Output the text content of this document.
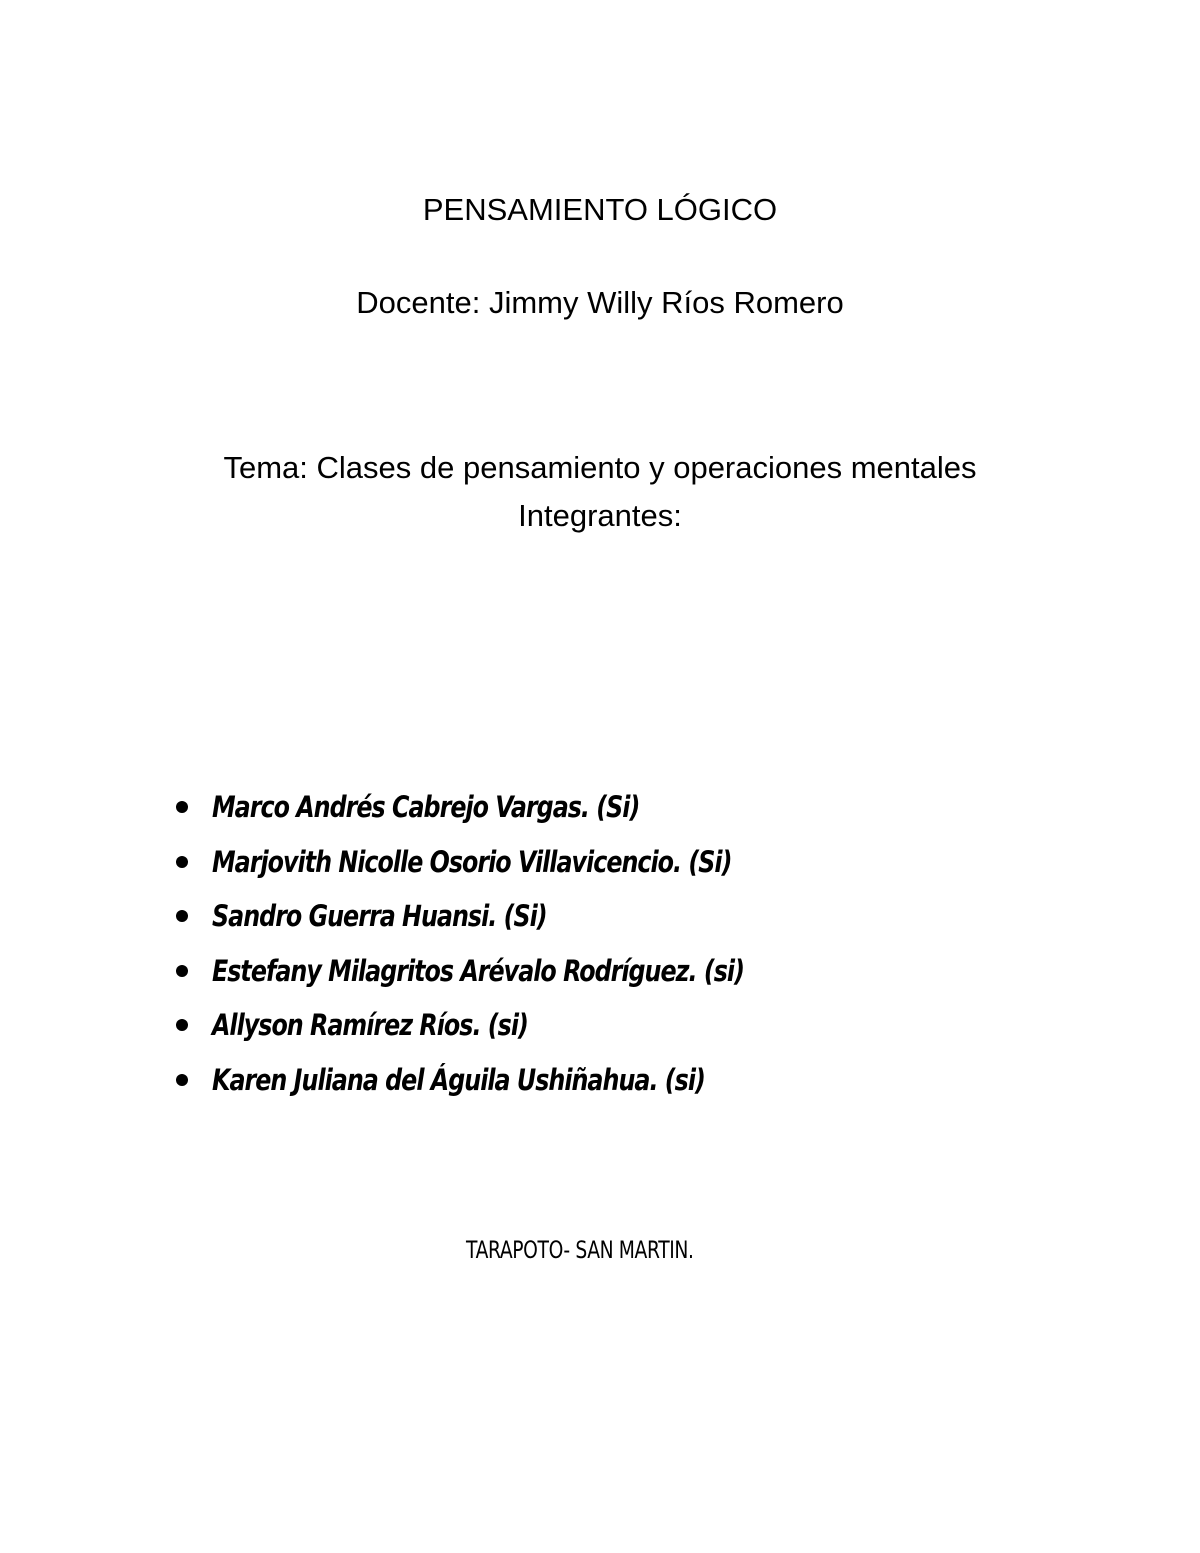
PENSAMIENTO LÓGICO
Docente: Jimmy Willy Ríos Romero
Tema: Clases de pensamiento y operaciones mentales
Integrantes:
Marco Andrés Cabrejo Vargas. (Si)
Marjovith Nicolle Osorio Villavicencio. (Si)
Sandro Guerra Huansi. (Si)
Estefany Milagritos Arévalo Rodríguez. (si)
Allyson Ramírez Ríos. (si)
Karen Juliana del Águila Ushiñahua. (si)
TARAPOTO- SAN MARTIN.
